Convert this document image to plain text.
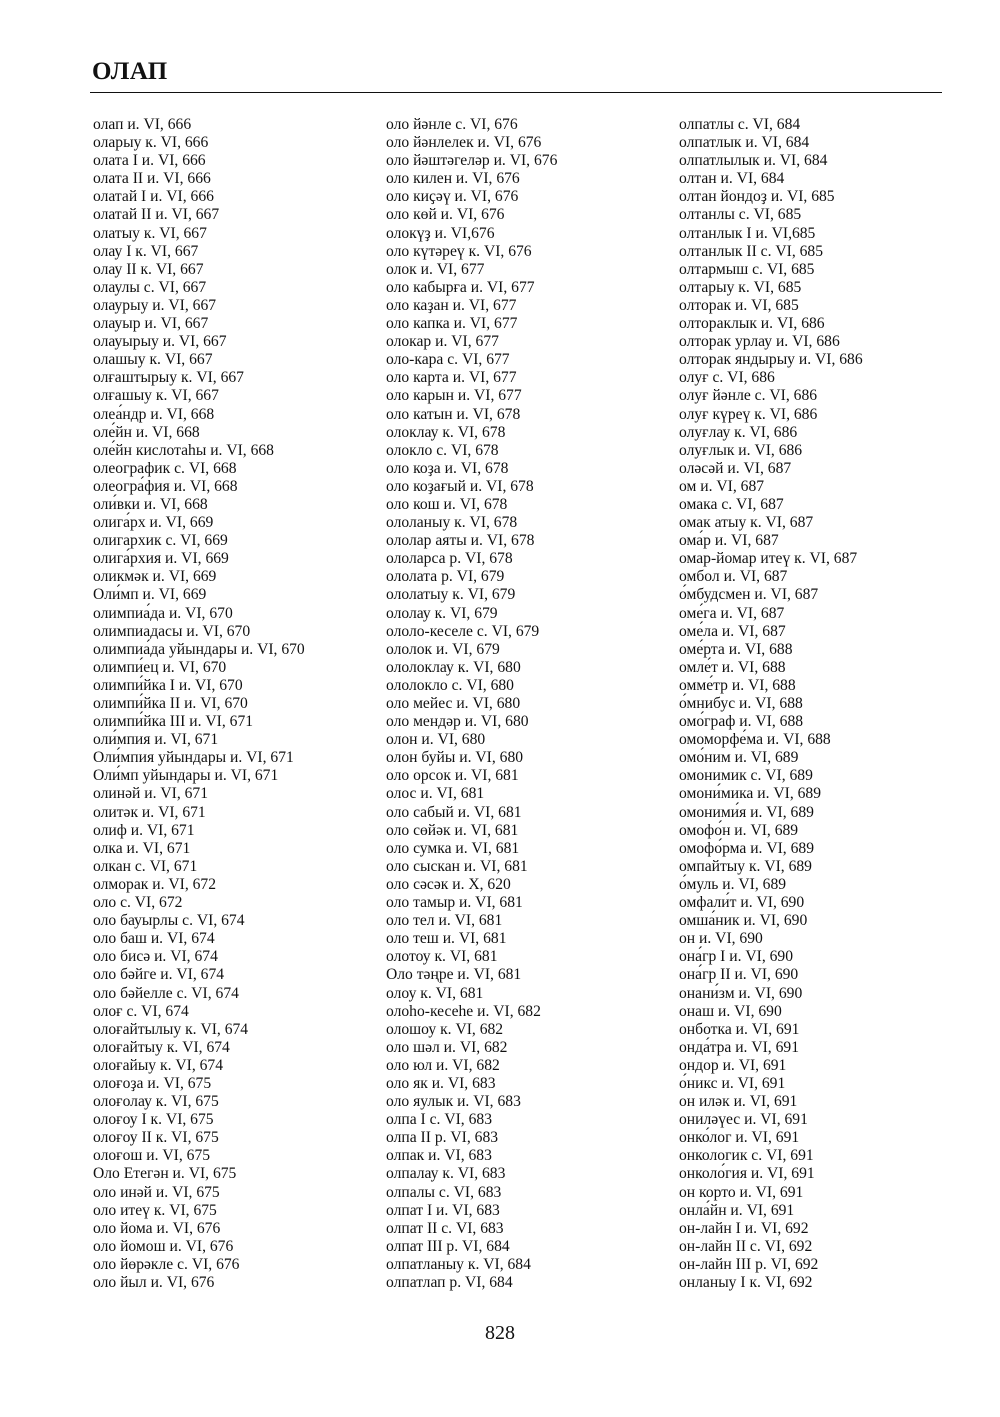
ОЛАП
олап и. VI, 666
оларыу к. VI, 666
олата I и. VI, 666
олата II и. VI, 666
олатай I и. VI, 666
олатай II и. VI, 667
олатыу к. VI, 667
олау I к. VI, 667
олау II к. VI, 667
олаулы с. VI, 667
олаурыу и. VI, 667
олауыр и. VI, 667
олауырыу и. VI, 667
олашыу к. VI, 667
олғаштырыу к. VI, 667
олғашыу к. VI, 667
олеа́ндр и. VI, 668
оле́йн и. VI, 668
оле́йн кислотаһы и. VI, 668
олеографик с. VI, 668
олеогра́фия и. VI, 668
оли́вки и. VI, 668
олига́рх и. VI, 669
олигархик с. VI, 669
олига́рхия и. VI, 669
оликмәк и. VI, 669
Оли́мп и. VI, 669
олимпиа́да и. VI, 670
олимпиадасы и. VI, 670
олимпиа́да уйындары и. VI, 670
олимпи́ец и. VI, 670
олимпи́йка I и. VI, 670
олимпи́йка II и. VI, 670
олимпи́йка III и. VI, 671
оли́мпия и. VI, 671
Оли́мпия уйындары и. VI, 671
Оли́мп уйындары и. VI, 671
олинәй и. VI, 671
олитәк и. VI, 671
олиф и. VI, 671
олка и. VI, 671
олкан с. VI, 671
олморак и. VI, 672
оло с. VI, 672
оло бауырлы с. VI, 674
оло баш и. VI, 674
оло бисә и. VI, 674
оло бәйге и. VI, 674
оло бәйелле с. VI, 674
олоғ с. VI, 674
олоғайтылыу к. VI, 674
олоғайтыу к. VI, 674
олоғайыу к. VI, 674
олоғоҙа и. VI, 675
олоғолау к. VI, 675
олоғоу I к. VI, 675
олоғоу II к. VI, 675
олоғош и. VI, 675
Оло Етегән и. VI, 675
оло инәй и. VI, 675
оло итеү к. VI, 675
оло йома и. VI, 676
оло йомош и. VI, 676
оло йөрәкле с. VI, 676
оло йыл и. VI, 676
оло йәнле с. VI, 676
оло йәнлелек и. VI, 676
оло йәштәгеләр и. VI, 676
оло килен и. VI, 676
оло киҫәү и. VI, 676
оло көй и. VI, 676
олокүҙ и. VI,676
оло күтәреү к. VI, 676
олок и. VI, 677
оло кабырға и. VI, 677
оло каҙан и. VI, 677
оло капка и. VI, 677
олокар и. VI, 677
оло-кара с. VI, 677
оло карта и. VI, 677
оло карын и. VI, 677
оло катын и. VI, 678
олоклау к. VI, 678
олокло с. VI, 678
оло коҙа и. VI, 678
оло коҙағый и. VI, 678
оло кош и. VI, 678
ололаныу к. VI, 678
ололар аяты и. VI, 678
ололарса р. VI, 678
ололата р. VI, 679
ололатыу к. VI, 679
ололау к. VI, 679
ололо-кеселе с. VI, 679
ололок и. VI, 679
ололоклау к. VI, 680
ололокло с. VI, 680
оло мейес и. VI, 680
оло мендәр и. VI, 680
олон и. VI, 680
олон буйы и. VI, 680
оло орсок и. VI, 681
олос и. VI, 681
оло сабый и. VI, 681
оло сөйәк и. VI, 681
оло сумка и. VI, 681
оло сыскан и. VI, 681
оло сәсәк и. X, 620
оло тамыр и. VI, 681
оло тел и. VI, 681
оло теш и. VI, 681
олотоу к. VI, 681
Оло тәңре и. VI, 681
олоу к. VI, 681
олоһо-кесеһе и. VI, 682
олошоу к. VI, 682
оло шәл и. VI, 682
оло юл и. VI, 682
оло як и. VI, 683
оло яулык и. VI, 683
олпа I с. VI, 683
олпа II р. VI, 683
олпак и. VI, 683
олпалау к. VI, 683
олпалы с. VI, 683
олпат I и. VI, 683
олпат II с. VI, 683
олпат III р. VI, 684
олпатланыу к. VI, 684
олпатлап р. VI, 684
олпатлы с. VI, 684
олпатлык и. VI, 684
олпатлылык и. VI, 684
олтан и. VI, 684
олтан йондоҙ и. VI, 685
олтанлы с. VI, 685
олтанлык I и. VI,685
олтанлык II с. VI, 685
олтармыш с. VI, 685
олтарыу к. VI, 685
олторак и. VI, 685
олтораклык и. VI, 686
олторак урлау и. VI, 686
олторак яндырыу и. VI, 686
олуғ с. VI, 686
олуғ йәнле с. VI, 686
олуғ күреү к. VI, 686
олуғлау к. VI, 686
олуғлык и. VI, 686
оләсәй и. VI, 687
ом и. VI, 687
омака с. VI, 687
омак атыу к. VI, 687
ома́р и. VI, 687
омар-йомар итеү к. VI, 687
омбол и. VI, 687
о́мбудсмен и. VI, 687
оме́га и. VI, 687
оме́ла и. VI, 687
оме́рта и. VI, 688
омле́т и. VI, 688
омме́тр и. VI, 688
о́мнибус и. VI, 688
омо́граф и. VI, 688
омоморфе́ма и. VI, 688
омо́ним и. VI, 689
омонимик с. VI, 689
омони́мика и. VI, 689
омоними́я и. VI, 689
омофо́н и. VI, 689
омофо́рма и. VI, 689
омпайтыу к. VI, 689
о́муль и. VI, 689
омфали́т и. VI, 690
омша́ник и. VI, 690
он и. VI, 690
она́гр I и. VI, 690
она́гр II и. VI, 690
онани́зм и. VI, 690
онаш и. VI, 690
онботка и. VI, 691
онда́тра и. VI, 691
ондор и. VI, 691
о́никс и. VI, 691
он иләк и. VI, 691
ониләүес и. VI, 691
онко́лог и. VI, 691
онкологик с. VI, 691
онколо́гия и. VI, 691
он корто и. VI, 691
онла́йн и. VI, 691
он-лайн I и. VI, 692
он-лайн II с. VI, 692
он-лайн III р. VI, 692
онланыу I к. VI, 692
828
